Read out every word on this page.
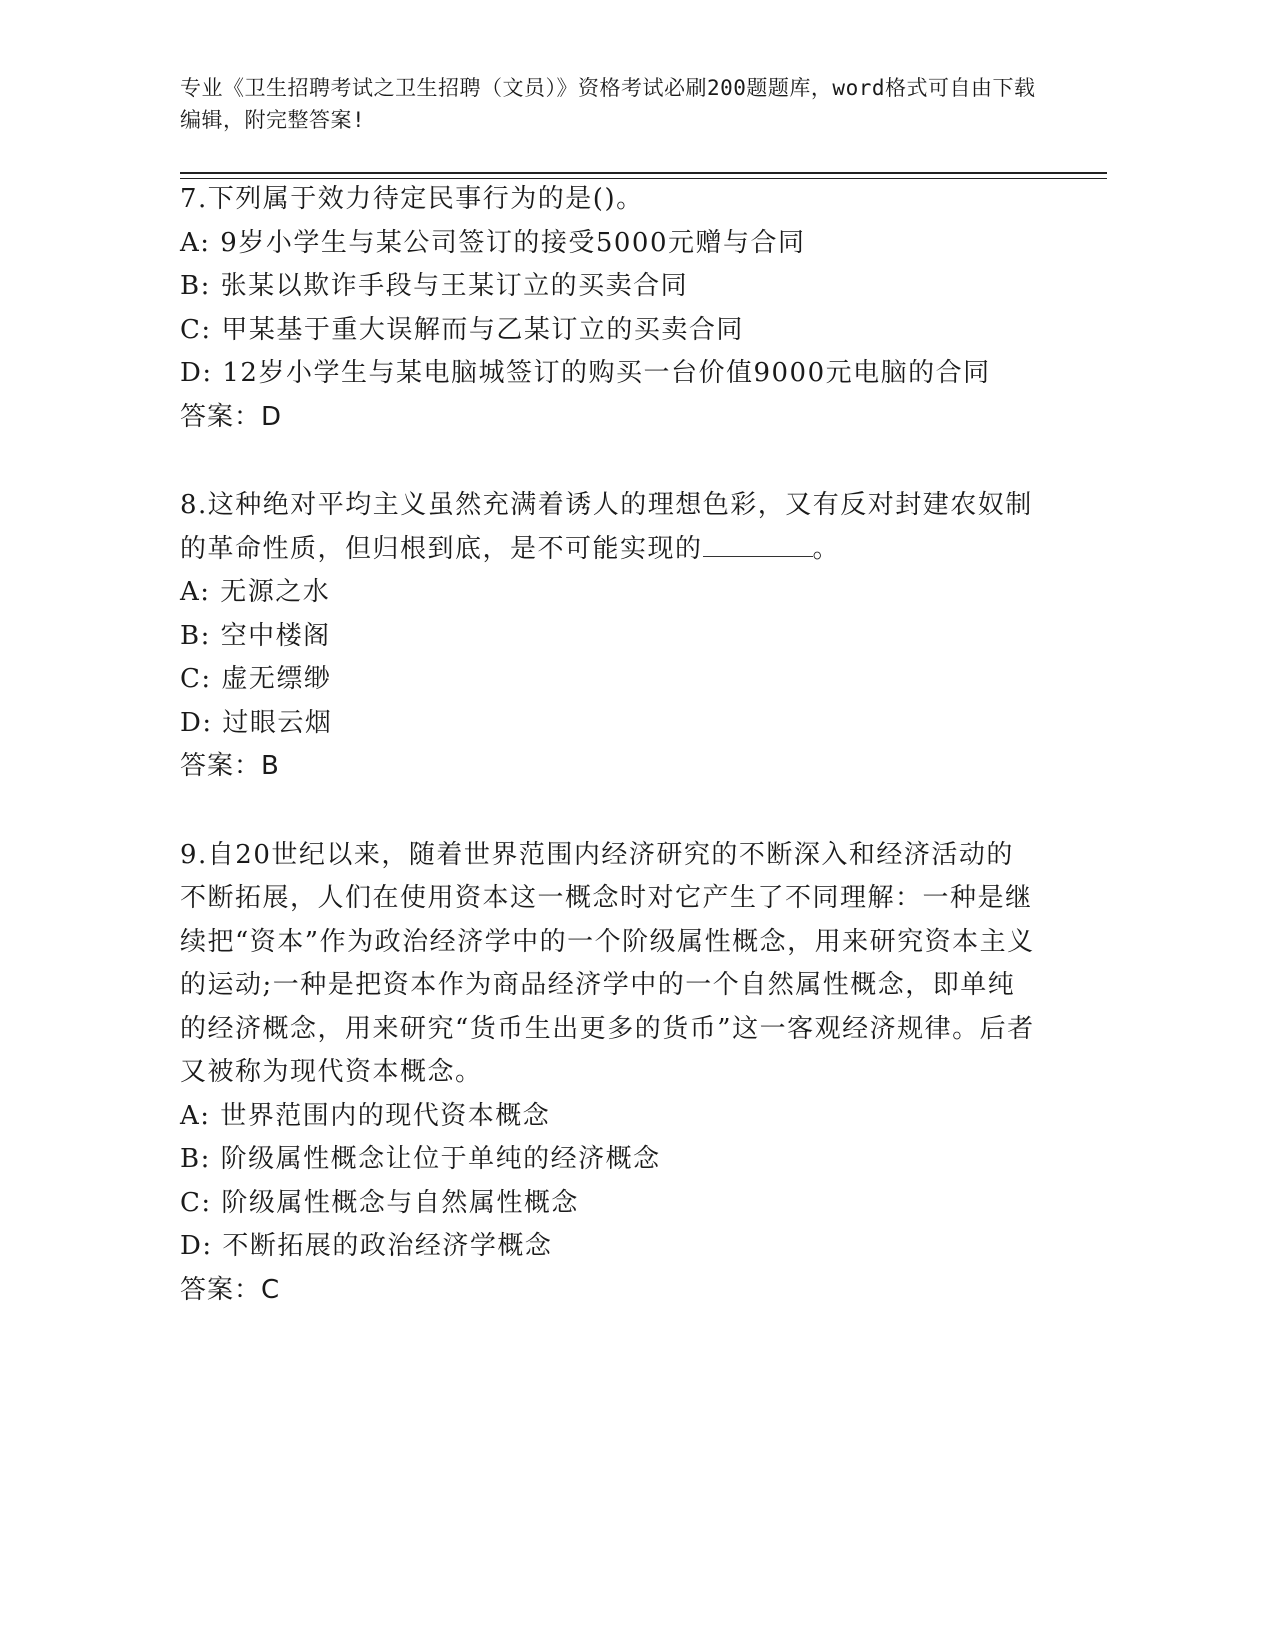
专业《卫生招聘考试之卫生招聘（文员）》资格考试必刷200题题库，word格式可自由下载编辑，附完整答案!

7.下列属于效力待定民事行为的是()。

A: 9岁小学生与某公司签订的接受5000元赠与合同

B: 张某以欺诈手段与王某订立的买卖合同

C: 甲某基于重大误解而与乙某订立的买卖合同

D: 12岁小学生与某电脑城签订的购买一台价值9000元电脑的合同

答案：D

8.这种绝对平均主义虽然充满着诱人的理想色彩，又有反对封建农奴制的革命性质，但归根到底，是不可能实现的	。

A: 无源之水

B: 空中楼阁

C: 虚无缥缈

D: 过眼云烟

答案：B

9.自20世纪以来，随着世界范围内经济研究的不断深入和经济活动的不断拓展，人们在使用资本这一概念时对它产生了不同理解：一种是继续把“资本”作为政治经济学中的一个阶级属性概念，用来研究资本主义的运动;一种是把资本作为商品经济学中的一个自然属性概念，即单纯的经济概念，用来研究“货币生出更多的货币”这一客观经济规律。后者又被称为现代资本概念。

A: 世界范围内的现代资本概念

B: 阶级属性概念让位于单纯的经济概念

C: 阶级属性概念与自然属性概念

D: 不断拓展的政治经济学概念

答案：C
